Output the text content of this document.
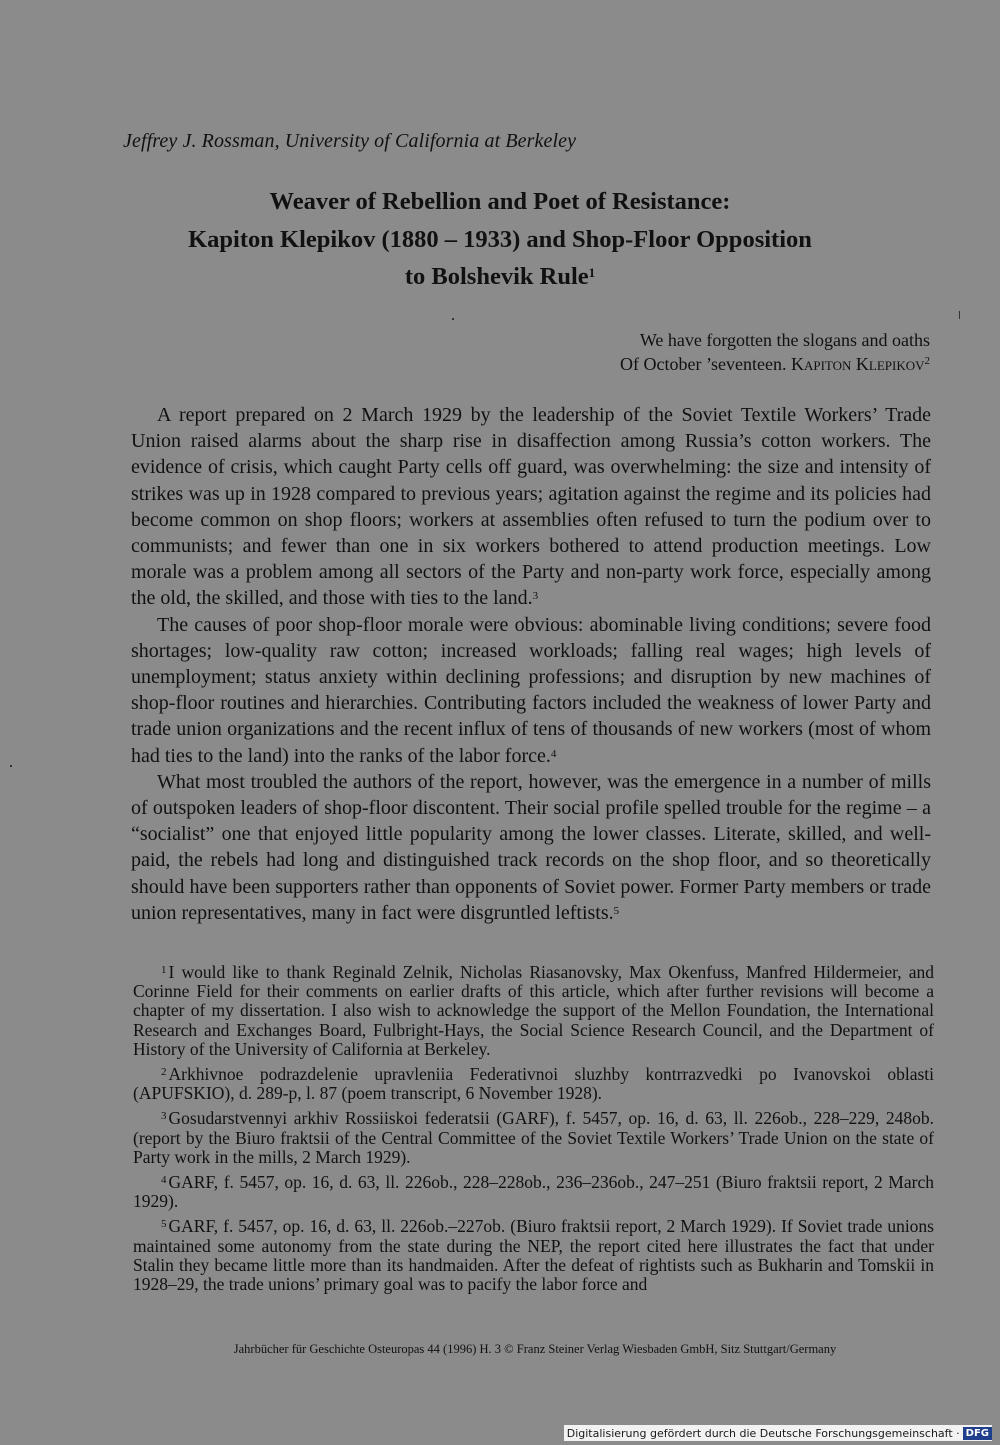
Jeffrey J. Rossman, University of California at Berkeley
Weaver of Rebellion and Poet of Resistance:
Kapiton Klepikov (1880 – 1933) and Shop-Floor Opposition
to Bolshevik Rule$^1$
We have forgotten the slogans and oaths
Of October ’seventeen. Kapiton Klepikov$^2$

A report prepared on 2 March 1929 by the leadership of the Soviet Textile Workers’ Trade Union raised alarms about the sharp rise in disaffection among Russia’s cotton workers. The evidence of crisis, which caught Party cells off guard, was overwhelming: the size and intensity of strikes was up in 1928 compared to previous years; agitation against the regime and its policies had become common on shop floors; workers at assemblies often refused to turn the podium over to communists; and fewer than one in six workers bothered to attend production meetings. Low morale was a problem among all sectors of the Party and non-party work force, especially among the old, the skilled, and those with ties to the land.$^3$

The causes of poor shop-floor morale were obvious: abominable living conditions; severe food shortages; low-quality raw cotton; increased workloads; falling real wages; high levels of unemployment; status anxiety within declining professions; and disruption by new machines of shop-floor routines and hierarchies. Contributing factors included the weakness of lower Party and trade union organizations and the recent influx of tens of thousands of new workers (most of whom had ties to the land) into the ranks of the labor force.$^4$

What most troubled the authors of the report, however, was the emergence in a number of mills of outspoken leaders of shop-floor discontent. Their social profile spelled trouble for the regime – a “socialist” one that enjoyed little popularity among the lower classes. Literate, skilled, and well-paid, the rebels had long and distinguished track records on the shop floor, and so theoretically should have been supporters rather than opponents of Soviet power. Former Party members or trade union representatives, many in fact were disgruntled leftists.$^5$

$^1$ I would like to thank Reginald Zelnik, Nicholas Riasanovsky, Max Okenfuss, Manfred Hildermeier, and Corinne Field for their comments on earlier drafts of this article, which after further revisions will become a chapter of my dissertation. I also wish to acknowledge the support of the Mellon Foundation, the International Research and Exchanges Board, Fulbright-Hays, the Social Science Research Council, and the Department of History of the University of California at Berkeley.

$^2$ Arkhivnoe podrazdelenie upravleniia Federativnoi sluzhby kontrrazvedki po Ivanovskoi oblasti (APUFSKIO), d. 289-p, l. 87 (poem transcript, 6 November 1928).

$^3$ Gosudarstvennyi arkhiv Rossiiskoi federatsii (GARF), f. 5457, op. 16, d. 63, ll. 226ob., 228–229, 248ob. (report by the Biuro fraktsii of the Central Committee of the Soviet Textile Workers’ Trade Union on the state of Party work in the mills, 2 March 1929).

$^4$ GARF, f. 5457, op. 16, d. 63, ll. 226ob., 228–228ob., 236–236ob., 247–251 (Biuro fraktsii report, 2 March 1929).

$^5$ GARF, f. 5457, op. 16, d. 63, ll. 226ob.–227ob. (Biuro fraktsii report, 2 March 1929). If Soviet trade unions maintained some autonomy from the state during the NEP, the report cited here illustrates the fact that under Stalin they became little more than its handmaiden. After the defeat of rightists such as Bukharin and Tomskii in 1928–29, the trade unions’ primary goal was to pacify the labor force and

Jahrbücher für Geschichte Osteuropas 44 (1996) H. 3 © Franz Steiner Verlag Wiesbaden GmbH, Sitz Stuttgart/Germany
Digitalisierung gefördert durch die Deutsche Forschungsgemeinschaft · DFG
